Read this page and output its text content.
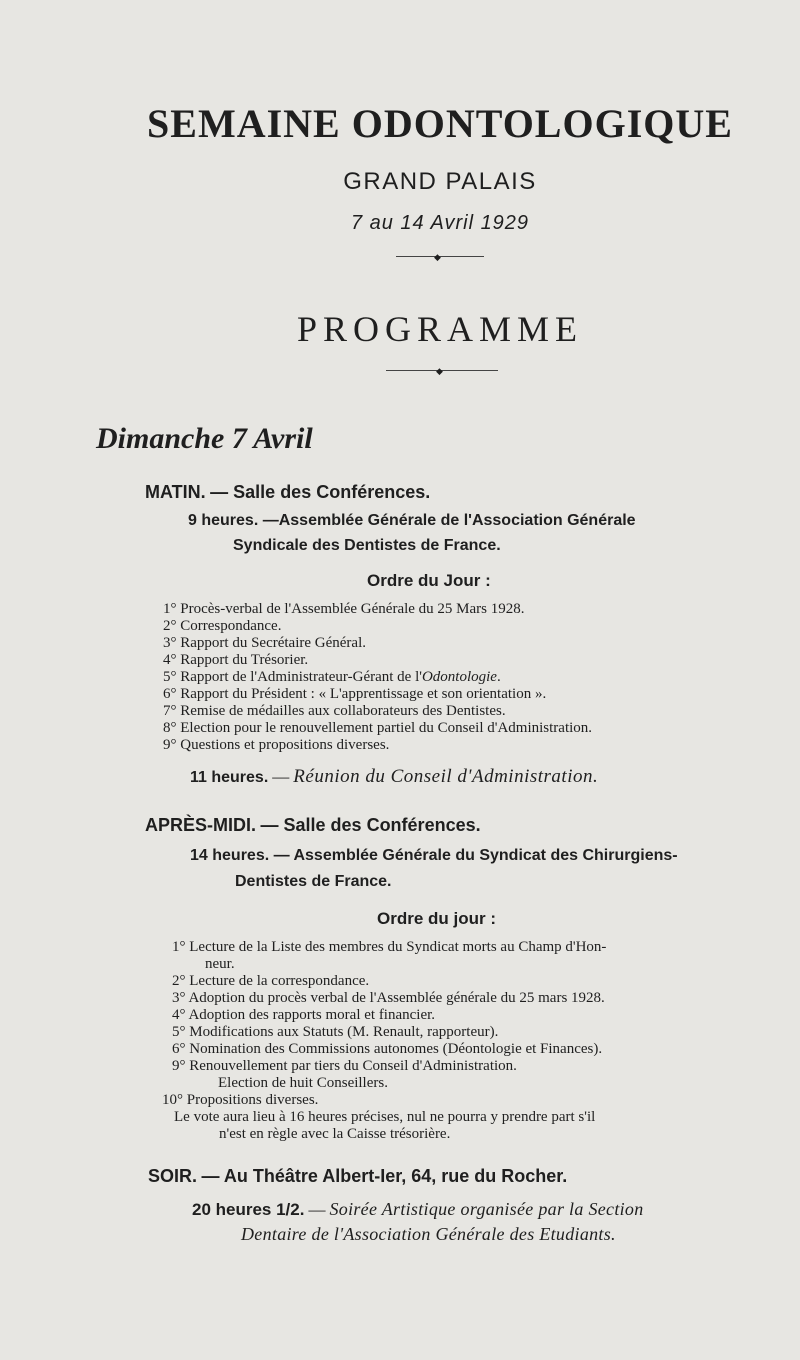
SEMAINE ODONTOLOGIQUE
GRAND PALAIS
7 au 14 Avril 1929
◆
PROGRAMME
◆
Dimanche 7 Avril
MATIN. — Salle des Conférences.
9 heures. —Assemblée Générale de l'Association Générale
Syndicale des Dentistes de France.
Ordre du Jour :
1° Procès-verbal de l'Assemblée Générale du 25 Mars 1928.
2° Correspondance.
3° Rapport du Secrétaire Général.
4° Rapport du Trésorier.
5° Rapport de l'Administrateur-Gérant de l'Odontologie.
6° Rapport du Président : « L'apprentissage et son orientation ».
7° Remise de médailles aux collaborateurs des Dentistes.
8° Election pour le renouvellement partiel du Conseil d'Administration.
9° Questions et propositions diverses.
11 heures. — Réunion du Conseil d'Administration.
APRÈS-MIDI. — Salle des Conférences.
14 heures. — Assemblée Générale du Syndicat des Chirurgiens-
Dentistes de France.
Ordre du jour :
1° Lecture de la Liste des membres du Syndicat morts au Champ d'Hon-
neur.
2° Lecture de la correspondance.
3° Adoption du procès verbal de l'Assemblée générale du 25 mars 1928.
4° Adoption des rapports moral et financier.
5° Modifications aux Statuts (M. Renault, rapporteur).
6° Nomination des Commissions autonomes (Déontologie et Finances).
9° Renouvellement par tiers du Conseil d'Administration.
Election de huit Conseillers.
10° Propositions diverses.
Le vote aura lieu à 16 heures précises, nul ne pourra y prendre part s'il
n'est en règle avec la Caisse trésorière.
SOIR. — Au Théâtre Albert-Ier, 64, rue du Rocher.
20 heures 1/2. — Soirée Artistique organisée par la Section
Dentaire de l'Association Générale des Etudiants.
